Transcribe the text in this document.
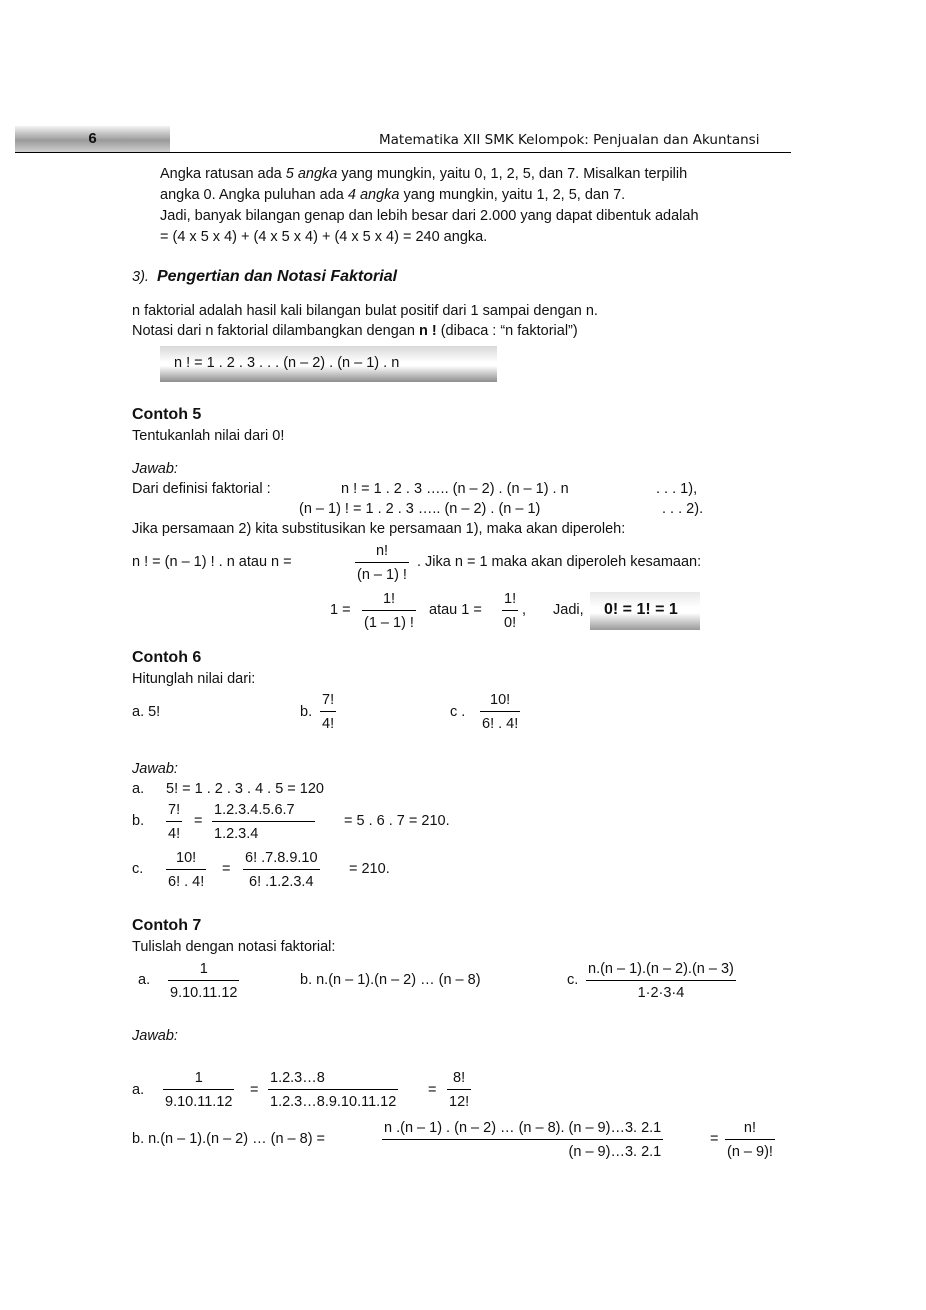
6	Matematika XII SMK Kelompok: Penjualan dan Akuntansi
Angka ratusan ada 5 angka yang mungkin, yaitu 0, 1, 2, 5, dan 7. Misalkan terpilih
angka 0. Angka puluhan ada 4 angka yang mungkin, yaitu 1, 2, 5, dan 7.
Jadi, banyak bilangan genap dan lebih besar dari 2.000 yang dapat dibentuk adalah
= (4 x 5 x 4) + (4 x 5 x 4) + (4 x 5 x 4) = 240 angka.
3). Pengertian dan Notasi Faktorial
n faktorial adalah hasil kali bilangan bulat positif dari 1 sampai dengan n.
Notasi dari n faktorial dilambangkan dengan n ! (dibaca : “n faktorial”)
n ! = 1 . 2 . 3 . . . (n – 2) . (n – 1) . n
Contoh 5
Tentukanlah nilai dari 0!
Jawab:
Dari definisi faktorial :	n ! = 1 . 2 . 3 ….. (n – 2) . (n – 1) . n	. . . 1),
(n – 1) ! = 1 . 2 . 3 ….. (n – 2) . (n – 1)	. . . 2).
Jika persamaan 2) kita substitusikan ke persamaan 1), maka akan diperoleh:
n ! = (n – 1) ! . n atau n =
n!
(n – 1) !
. Jika n = 1 maka akan diperoleh kesamaan:
1 =
1!
(1 – 1) !
atau 1 =
1!
0!
, Jadi, 0! = 1! = 1
Contoh 6
Hitunglah nilai dari:
a. 5!	b.
7!
4!
c .
10!
6! . 4!
Jawab:
a. 5! = 1 . 2 . 3 . 4 . 5 = 120
b.
7!
4!
=
1.2.3.4.5.6.7
1.2.3.4
= 5 . 6 . 7 = 210.
c.
10!
6! . 4!
=
6! .7.8.9.10
6! .1.2.3.4
= 210.
Contoh 7
Tulislah dengan notasi faktorial:
a.
1
9.10.11.12
b. n.(n – 1).(n – 2) … (n – 8)	c.
n.(n – 1).(n – 2).(n – 3)
1·2·3·4
Jawab:
a.
1
9.10.11.12
=
1.2.3…8
1.2.3…8.9.10.11.12
=
8!
12!
b. n.(n – 1).(n – 2) … (n – 8) =
n .(n – 1) . (n – 2) … (n – 8). (n – 9)…3. 2.1
(n – 9)…3. 2.1
=
n!
(n – 9)!
